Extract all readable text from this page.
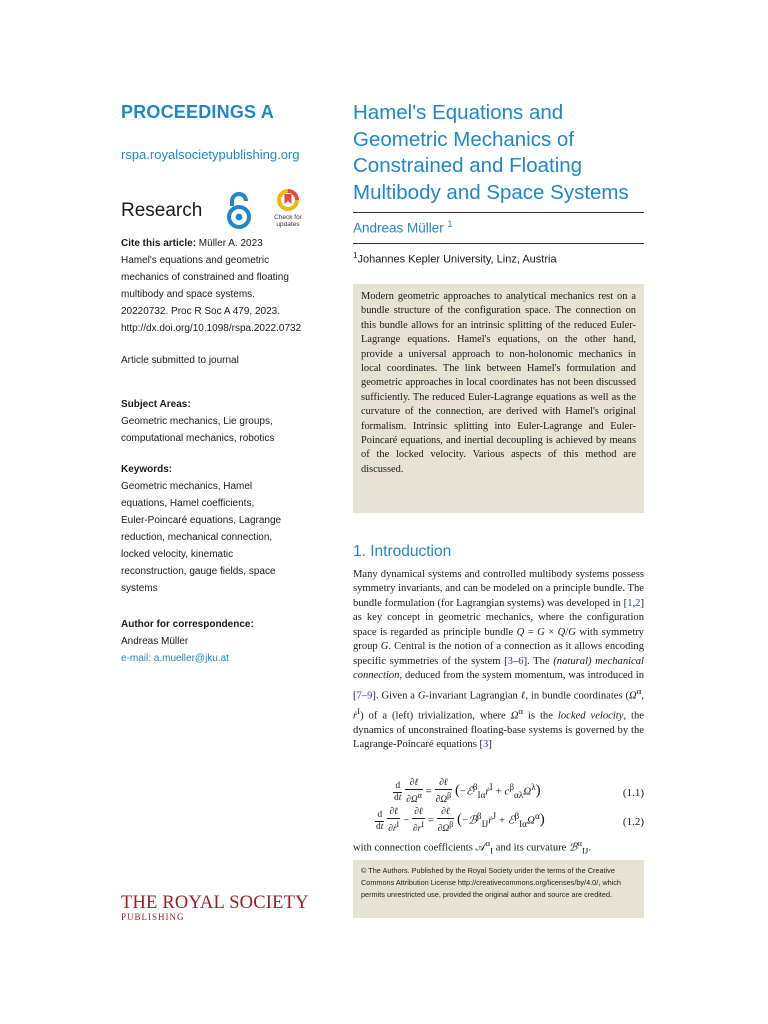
PROCEEDINGS A
rspa.royalsocietypublishing.org
Research	Check for updates
Cite this article: Müller A. 2023
Hamel's equations and geometric
mechanics of constrained and floating
multibody and space systems.
20220732. Proc R Soc A 479, 2023.
http://dx.doi.org/10.1098/rspa.2022.0732
Article submitted to journal
Subject Areas:
Geometric mechanics, Lie groups,
computational mechanics, robotics
Keywords:
Geometric mechanics, Hamel
equations, Hamel coefficients,
Euler-Poincaré equations, Lagrange
reduction, mechanical connection,
locked velocity, kinematic
reconstruction, gauge fields, space
systems
Author for correspondence:
Andreas Müller
e-mail: a.mueller@jku.at
Hamel's Equations and
Geometric Mechanics of
Constrained and Floating
Multibody and Space Systems
Andreas Müller $^1$
$^1$Johannes Kepler University, Linz, Austria
Modern geometric approaches to analytical mechanics rest on a bundle structure of the configuration space. The connection on this bundle allows for an intrinsic splitting of the reduced Euler-Lagrange equations. Hamel's equations, on the other hand, provide a universal approach to non-holonomic mechanics in local coordinates. The link between Hamel's formulation and geometric approaches in local coordinates has not been discussed sufficiently. The reduced Euler-Lagrange equations as well as the curvature of the connection, are derived with Hamel's original formalism. Intrinsic splitting into Euler-Lagrange and Euler-Poincaré equations, and inertial decoupling is achieved by means of the locked velocity. Various aspects of this method are discussed.
1. Introduction
Many dynamical systems and controlled multibody systems possess symmetry invariants, and can be modeled on a principle bundle. The bundle formulation (for Lagrangian systems) was developed in [1,2] as key concept in geometric mechanics, where the configuration space is regarded as principle bundle Q = G × Q/G with symmetry group G. Central is the notion of a connection as it allows encoding specific symmetries of the system [3–6]. The (natural) mechanical connection, deduced from the system momentum, was introduced in [7–9]. Given a G-invariant Lagrangian ℓ, in bundle coordinates ($\Omega^\alpha$, ṙ$^I$) of a (left) trivialization, where $\Omega^\alpha$ is the locked velocity, the dynamics of unconstrained floating-base systems is governed by the Lagrange-Poincaré equations [3]
$\frac{d}{dt}$
$\frac{\text{∂ℓ}}{\partial\Omega^\alpha} = \frac{\text{∂ℓ}}{\partial\Omega^\beta}$ (−ℰ$^\beta_{I\alpha}$ṙ$^I$ + $c^\beta_{\alpha\lambda}\Omega^\lambda$)	(1.1)
$\frac{d}{dt}$
$\frac{\text{∂ℓ}}{\partial ṙ^I} - \frac{\text{∂ℓ}}{\partial r^I} = \frac{\text{∂ℓ}}{\partial\Omega^\beta}$ (−ℬ$^\beta_{IJ}$ṙ$^J$ + $ℰ^\beta_{I\alpha}\Omega^\alpha$)	(1.2)
with connection coefficients 𝒜$^\alpha_I$ and its curvature ℬ$^\alpha_{IJ}$.
© The Authors. Published by the Royal Society under the terms of the Creative Commons Attribution License http://creativecommons.org/licenses/by/4.0/, which permits unrestricted use, provided the original author and source are credited.
THE ROYAL SOCIETY
PUBLISHING
